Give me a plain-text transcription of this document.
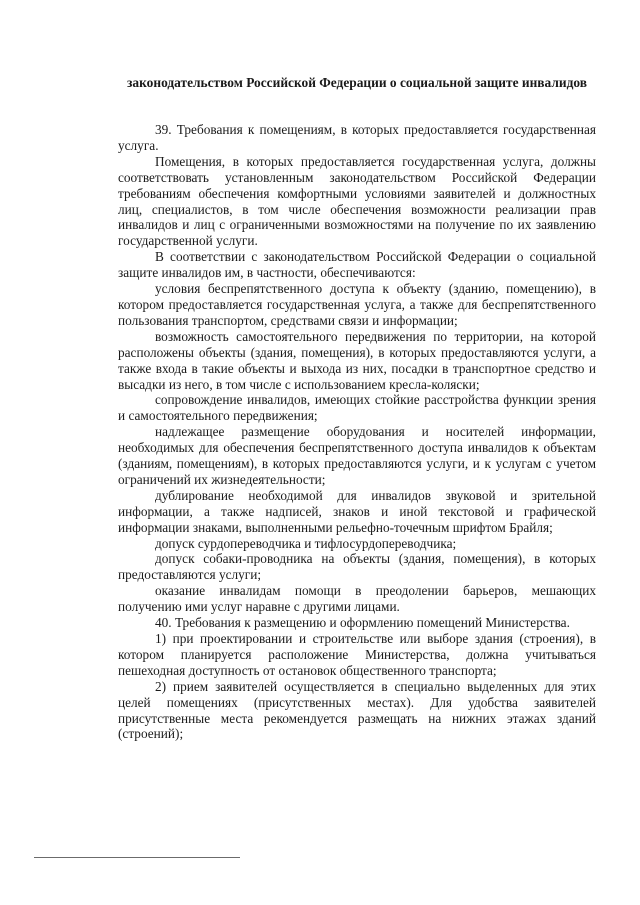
законодательством Российской Федерации о социальной защите инвалидов

39. Требования к помещениям, в которых предоставляется государственная услуга.

Помещения, в которых предоставляется государственная услуга, должны соответствовать установленным законодательством Российской Федерации требованиям обеспечения комфортными условиями заявителей и должностных лиц, специалистов, в том числе обеспечения возможности реализации прав инвалидов и лиц с ограниченными возможностями на получение по их заявлению государственной услуги.

В соответствии с законодательством Российской Федерации о социальной защите инвалидов им, в частности, обеспечиваются:

условия беспрепятственного доступа к объекту (зданию, помещению), в котором предоставляется государственная услуга, а также для беспрепятственного пользования транспортом, средствами связи и информации;

возможность самостоятельного передвижения по территории, на которой расположены объекты (здания, помещения), в которых предоставляются услуги, а также входа в такие объекты и выхода из них, посадки в транспортное средство и высадки из него, в том числе с использованием кресла-коляски;

сопровождение инвалидов, имеющих стойкие расстройства функции зрения и самостоятельного передвижения;

надлежащее размещение оборудования и носителей информации, необходимых для обеспечения беспрепятственного доступа инвалидов к объектам (зданиям, помещениям), в которых предоставляются услуги, и к услугам с учетом ограничений их жизнедеятельности;

дублирование необходимой для инвалидов звуковой и зрительной информации, а также надписей, знаков и иной текстовой и графической информации знаками, выполненными рельефно-точечным шрифтом Брайля;

допуск сурдопереводчика и тифлосурдопереводчика;

допуск собаки-проводника на объекты (здания, помещения), в которых предоставляются услуги;

оказание инвалидам помощи в преодолении барьеров, мешающих получению ими услуг наравне с другими лицами.

40. Требования к размещению и оформлению помещений Министерства.

1) при проектировании и строительстве или выборе здания (строения), в котором планируется расположение Министерства, должна учитываться пешеходная доступность от остановок общественного транспорта;

2) прием заявителей осуществляется в специально выделенных для этих целей помещениях (присутственных местах). Для удобства заявителей присутственные места рекомендуется размещать на нижних этажах зданий (строений);
